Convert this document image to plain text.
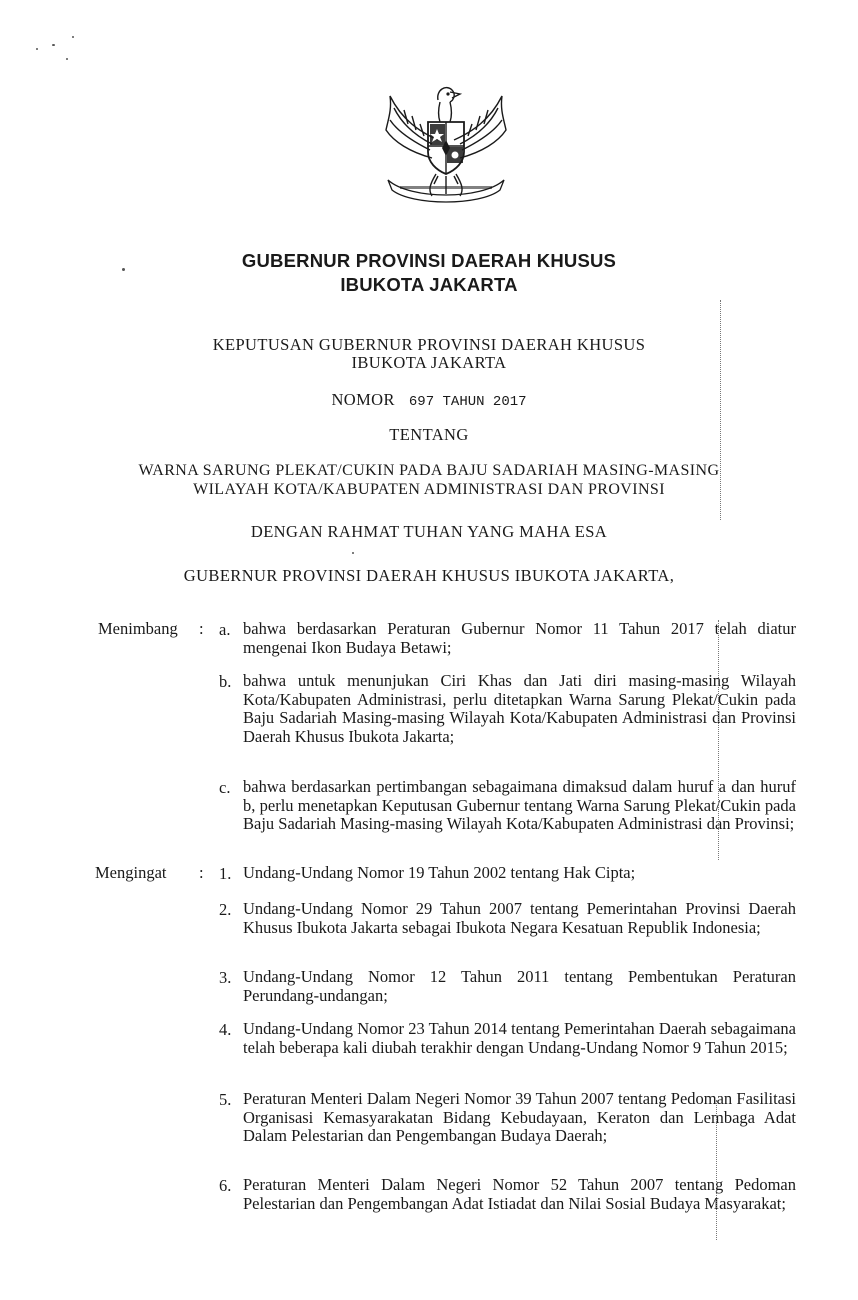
GUBERNUR PROVINSI DAERAH KHUSUS
IBUKOTA JAKARTA
KEPUTUSAN GUBERNUR PROVINSI DAERAH KHUSUS
IBUKOTA JAKARTA
NOMOR 697 TAHUN 2017
TENTANG
WARNA SARUNG PLEKAT/CUKIN PADA BAJU SADARIAH MASING-MASING
WILAYAH KOTA/KABUPATEN ADMINISTRASI DAN PROVINSI
DENGAN RAHMAT TUHAN YANG MAHA ESA
GUBERNUR PROVINSI DAERAH KHUSUS IBUKOTA JAKARTA,
Menimbang : a. bahwa berdasarkan Peraturan Gubernur Nomor 11 Tahun 2017 telah diatur mengenai Ikon Budaya Betawi;
b. bahwa untuk menunjukan Ciri Khas dan Jati diri masing-masing Wilayah Kota/Kabupaten Administrasi, perlu ditetapkan Warna Sarung Plekat/Cukin pada Baju Sadariah Masing-masing Wilayah Kota/Kabupaten Administrasi dan Provinsi Daerah Khusus Ibukota Jakarta;
c. bahwa berdasarkan pertimbangan sebagaimana dimaksud dalam huruf a dan huruf b, perlu menetapkan Keputusan Gubernur tentang Warna Sarung Plekat/Cukin pada Baju Sadariah Masing-masing Wilayah Kota/Kabupaten Administrasi dan Provinsi;
Mengingat : 1. Undang-Undang Nomor 19 Tahun 2002 tentang Hak Cipta;
2. Undang-Undang Nomor 29 Tahun 2007 tentang Pemerintahan Provinsi Daerah Khusus Ibukota Jakarta sebagai Ibukota Negara Kesatuan Republik Indonesia;
3. Undang-Undang Nomor 12 Tahun 2011 tentang Pembentukan Peraturan Perundang-undangan;
4. Undang-Undang Nomor 23 Tahun 2014 tentang Pemerintahan Daerah sebagaimana telah beberapa kali diubah terakhir dengan Undang-Undang Nomor 9 Tahun 2015;
5. Peraturan Menteri Dalam Negeri Nomor 39 Tahun 2007 tentang Pedoman Fasilitasi Organisasi Kemasyarakatan Bidang Kebudayaan, Keraton dan Lembaga Adat Dalam Pelestarian dan Pengembangan Budaya Daerah;
6. Peraturan Menteri Dalam Negeri Nomor 52 Tahun 2007 tentang Pedoman Pelestarian dan Pengembangan Adat Istiadat dan Nilai Sosial Budaya Masyarakat;
